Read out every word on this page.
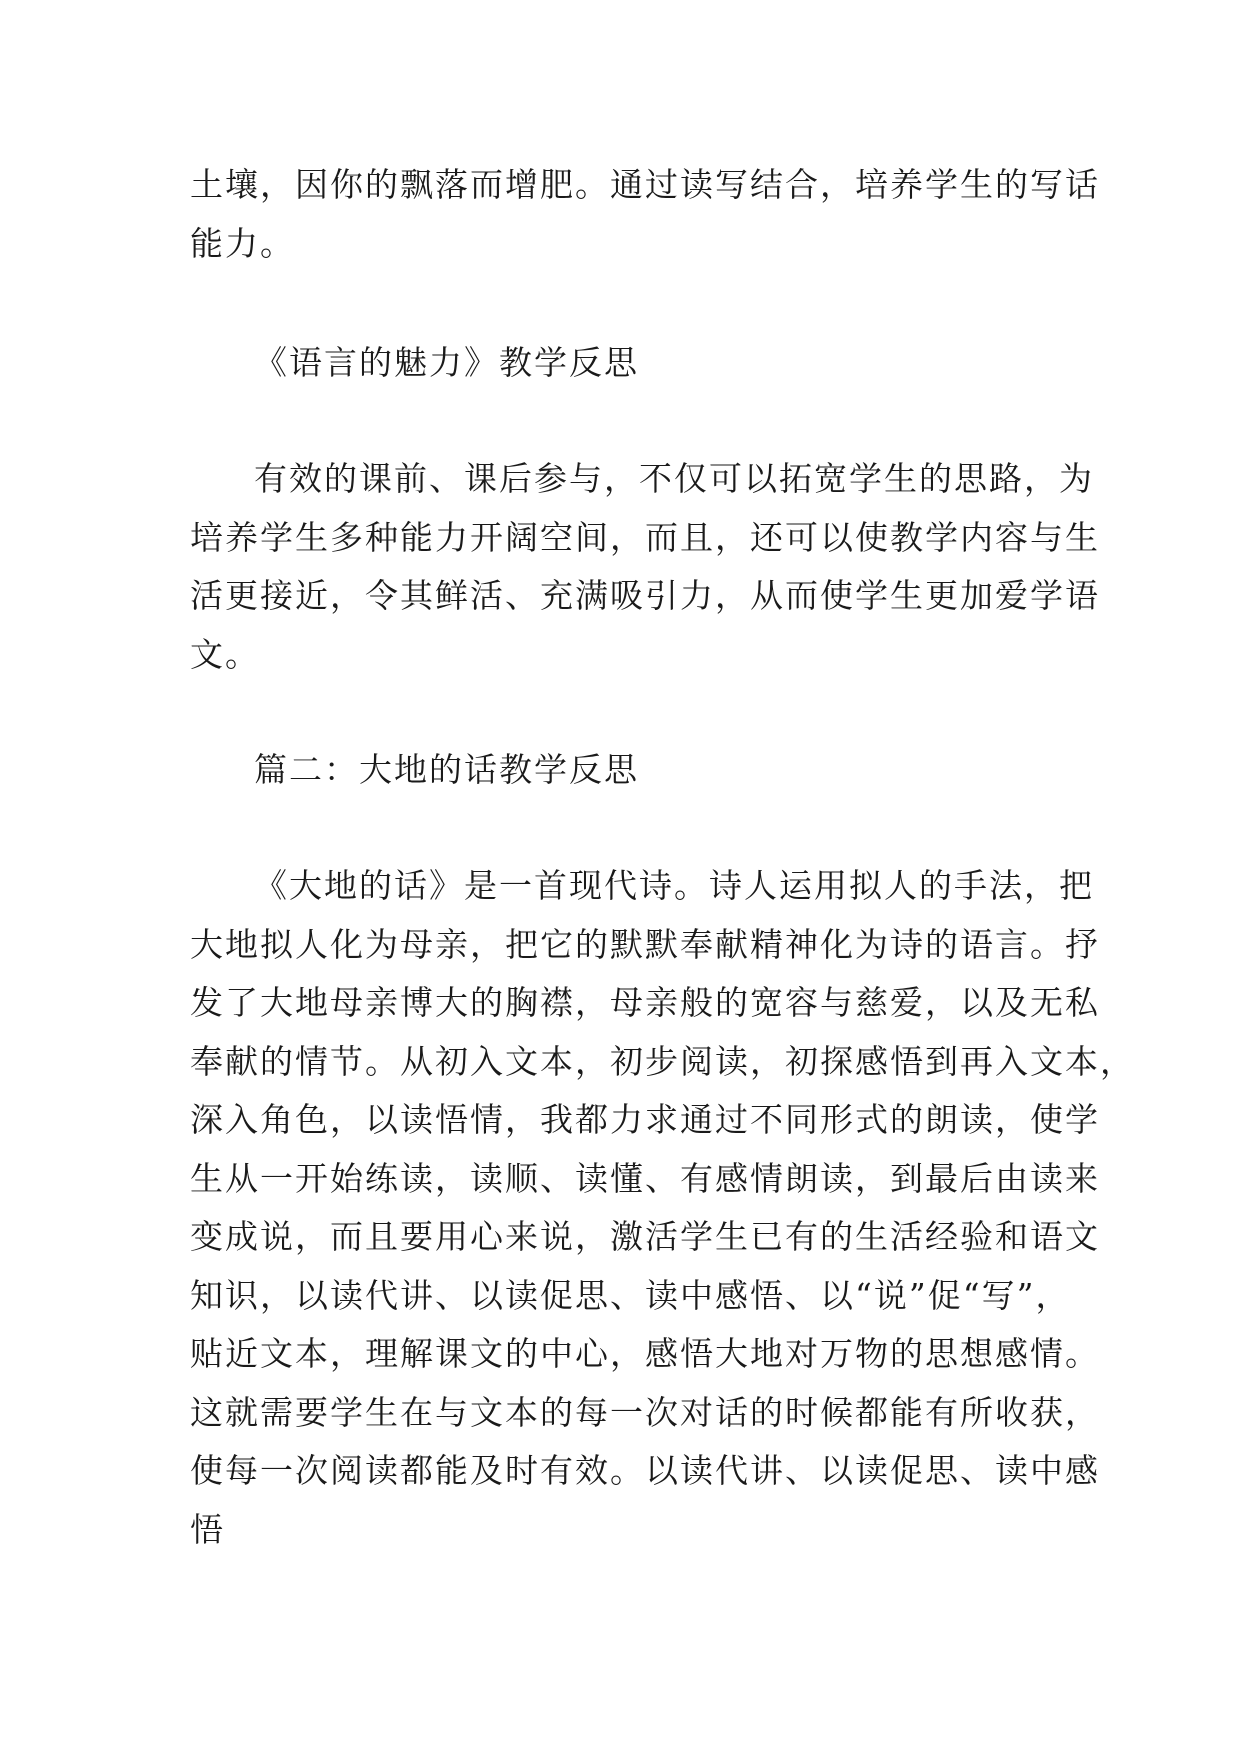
土壤，因你的飘落而增肥。通过读写结合，培养学生的写话
能力。

《语言的魅力》教学反思

有效的课前、课后参与，不仅可以拓宽学生的思路，为
培养学生多种能力开阔空间，而且，还可以使教学内容与生
活更接近，令其鲜活、充满吸引力，从而使学生更加爱学语
文。

篇二：大地的话教学反思

《大地的话》是一首现代诗。诗人运用拟人的手法，把
大地拟人化为母亲，把它的默默奉献精神化为诗的语言。抒
发了大地母亲博大的胸襟，母亲般的宽容与慈爱，以及无私
奉献的情节。从初入文本，初步阅读，初探感悟到再入文本，
深入角色，以读悟情，我都力求通过不同形式的朗读，使学
生从一开始练读，读顺、读懂、有感情朗读，到最后由读来
变成说，而且要用心来说，激活学生已有的生活经验和语文
知识，以读代讲、以读促思、读中感悟、以“说”促“写”，
贴近文本，理解课文的中心，感悟大地对万物的思想感情。
这就需要学生在与文本的每一次对话的时候都能有所收获，
使每一次阅读都能及时有效。以读代讲、以读促思、读中感
悟
